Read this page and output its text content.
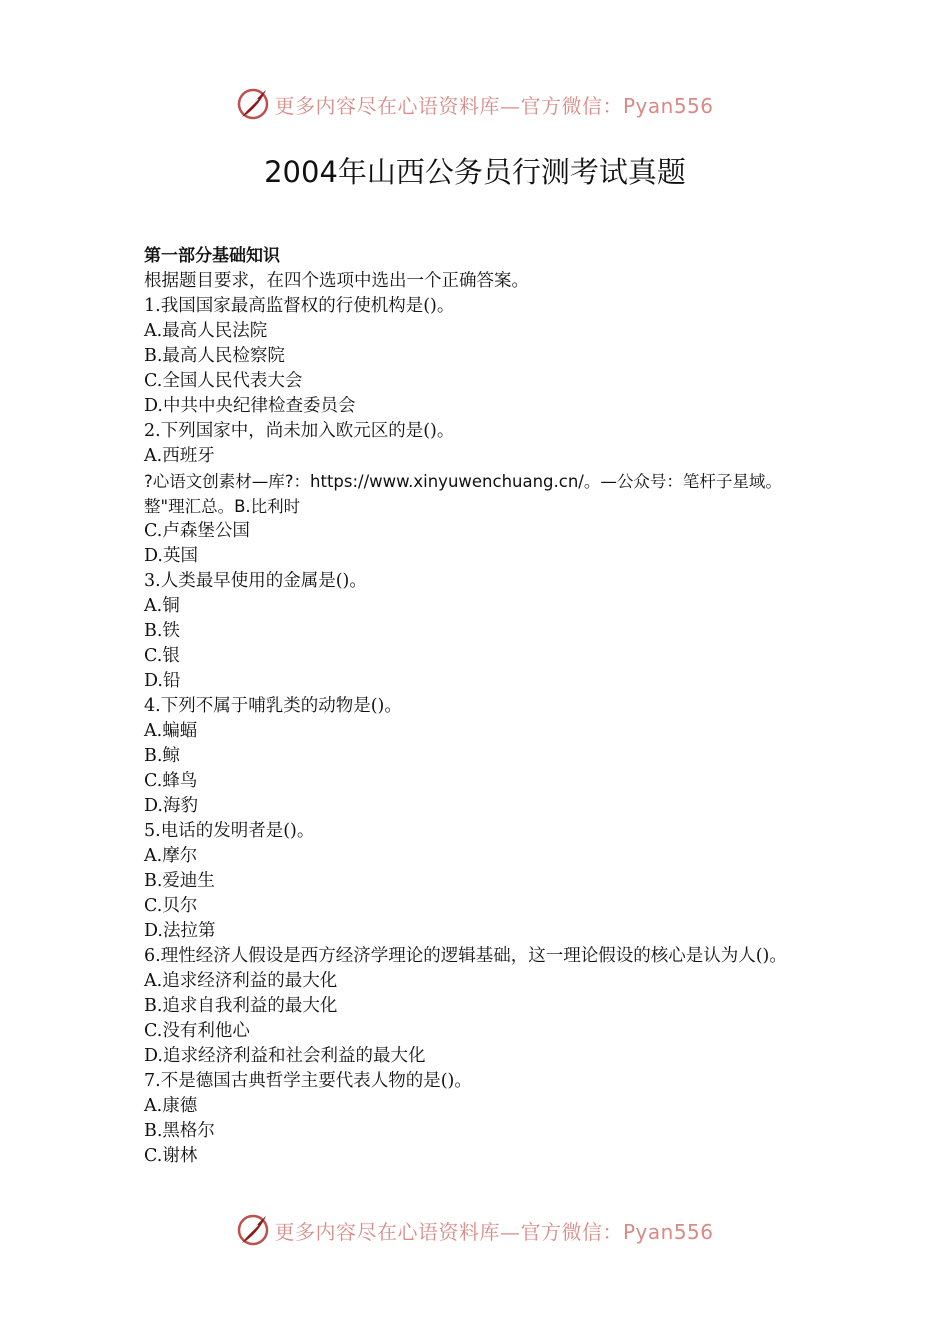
更多内容尽在心语资料库—官方微信：Pyan556
2004年山西公务员行测考试真题
第一部分基础知识
根据题目要求，在四个选项中选出一个正确答案。
1.我国国家最高监督权的行使机构是()。
A.最高人民法院
B.最高人民检察院
C.全国人民代表大会
D.中共中央纪律检查委员会
2.下列国家中，尚未加入欧元区的是()。
A.西班牙
?心语文创素材—库?：https://www.xinyuwenchuang.cn/。—公众号：笔杆子星域。
整"理汇总。B.比利时
C.卢森堡公国
D.英国
3.人类最早使用的金属是()。
A.铜
B.铁
C.银
D.铅
4.下列不属于哺乳类的动物是()。
A.蝙蝠
B.鲸
C.蜂鸟
D.海豹
5.电话的发明者是()。
A.摩尔
B.爱迪生
C.贝尔
D.法拉第
6.理性经济人假设是西方经济学理论的逻辑基础，这一理论假设的核心是认为人()。
A.追求经济利益的最大化
B.追求自我利益的最大化
C.没有利他心
D.追求经济利益和社会利益的最大化
7.不是德国古典哲学主要代表人物的是()。
A.康德
B.黑格尔
C.谢林
更多内容尽在心语资料库—官方微信：Pyan556
